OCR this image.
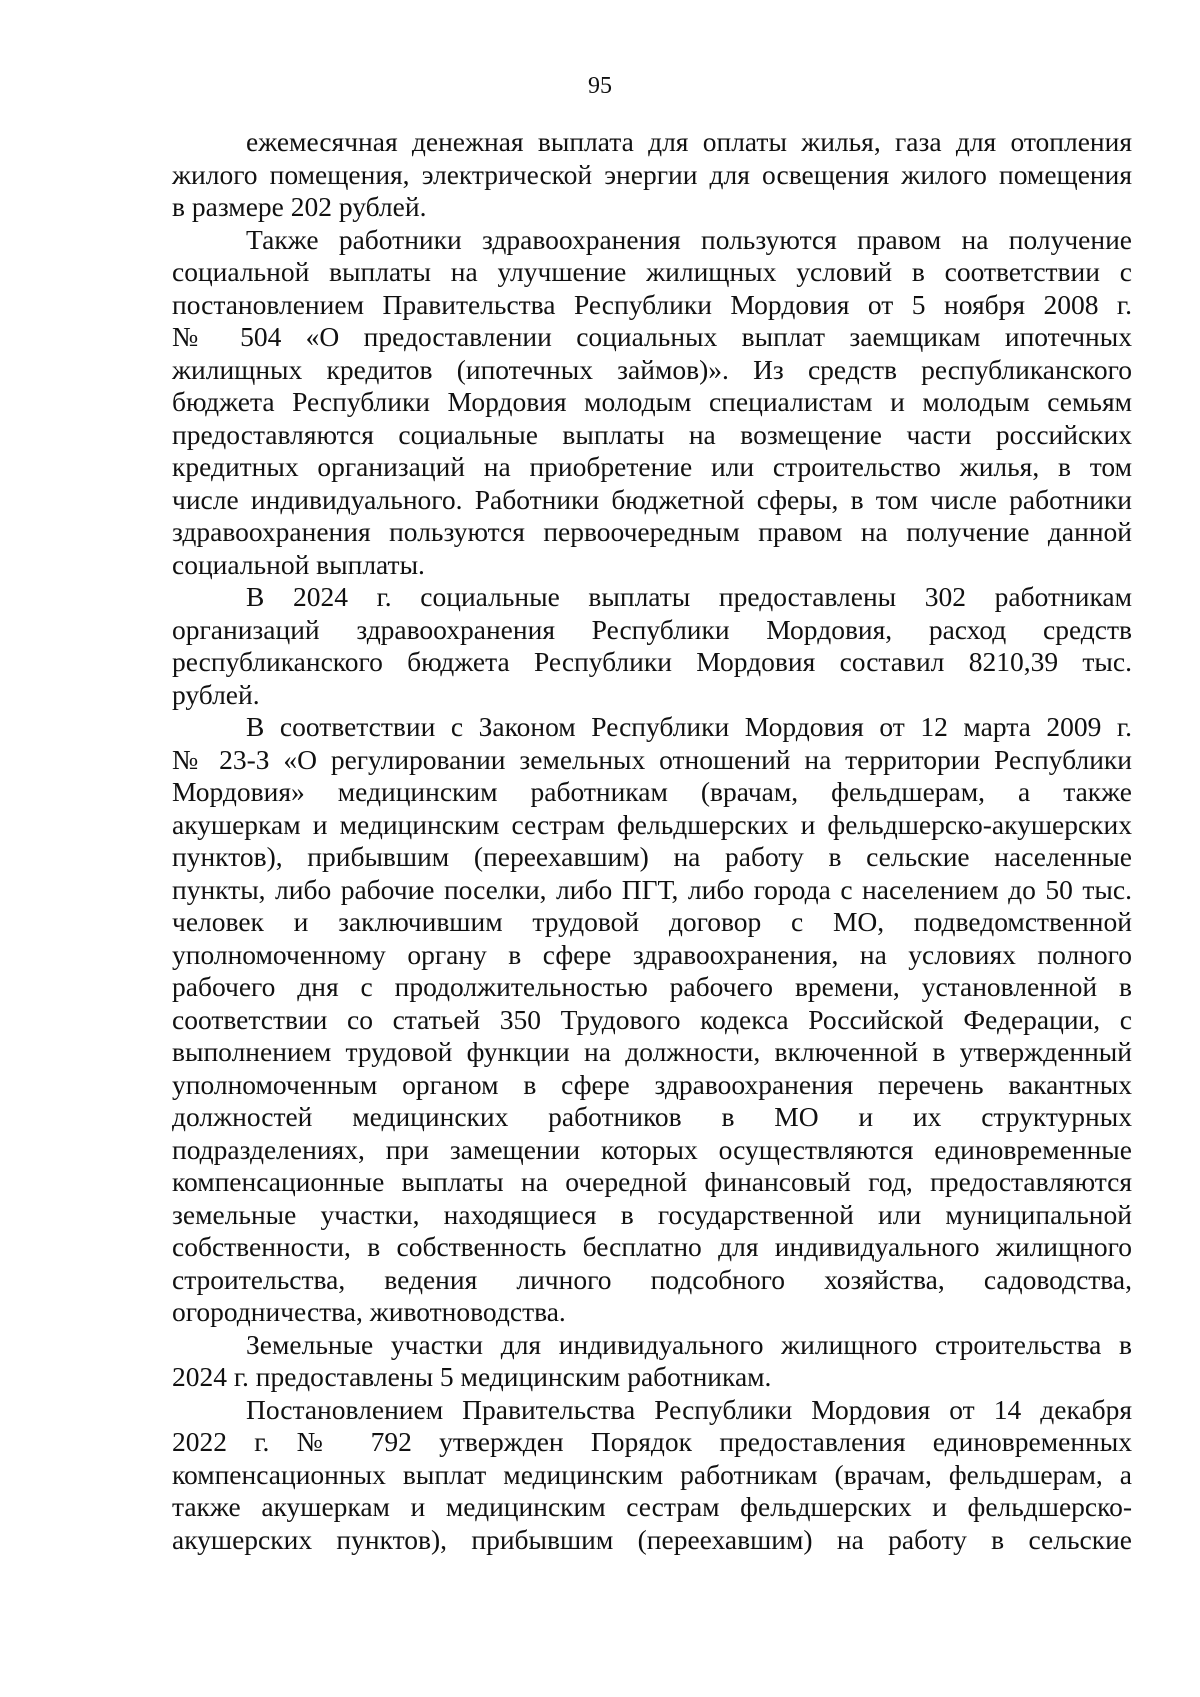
95
ежемесячная денежная выплата для оплаты жилья, газа для отопления
жилого помещения, электрической энергии для освещения жилого помещения
в размере 202 рублей.
Также работники здравоохранения пользуются правом на получение
социальной выплаты на улучшение жилищных условий в соответствии с
постановлением Правительства Республики Мордовия от 5 ноября 2008 г.
№ 504 «О предоставлении социальных выплат заемщикам ипотечных
жилищных кредитов (ипотечных займов)». Из средств республиканского
бюджета Республики Мордовия молодым специалистам и молодым семьям
предоставляются социальные выплаты на возмещение части российских
кредитных организаций на приобретение или строительство жилья, в том
числе индивидуального. Работники бюджетной сферы, в том числе работники
здравоохранения пользуются первоочередным правом на получение данной
социальной выплаты.
В 2024 г. социальные выплаты предоставлены 302 работникам
организаций здравоохранения Республики Мордовия, расход средств
республиканского бюджета Республики Мордовия составил 8210,39 тыс.
рублей.
В соответствии с Законом Республики Мордовия от 12 марта 2009 г.
№ 23-З «О регулировании земельных отношений на территории Республики
Мордовия» медицинским работникам (врачам, фельдшерам, а также
акушеркам и медицинским сестрам фельдшерских и фельдшерско-акушерских
пунктов), прибывшим (переехавшим) на работу в сельские населенные
пункты, либо рабочие поселки, либо ПГТ, либо города с населением до 50 тыс.
человек и заключившим трудовой договор с МО, подведомственной
уполномоченному органу в сфере здравоохранения, на условиях полного
рабочего дня с продолжительностью рабочего времени, установленной в
соответствии со статьей 350 Трудового кодекса Российской Федерации, с
выполнением трудовой функции на должности, включенной в утвержденный
уполномоченным органом в сфере здравоохранения перечень вакантных
должностей медицинских работников в МО и их структурных
подразделениях, при замещении которых осуществляются единовременные
компенсационные выплаты на очередной финансовый год, предоставляются
земельные участки, находящиеся в государственной или муниципальной
собственности, в собственность бесплатно для индивидуального жилищного
строительства, ведения личного подсобного хозяйства, садоводства,
огородничества, животноводства.
Земельные участки для индивидуального жилищного строительства в
2024 г. предоставлены 5 медицинским работникам.
Постановлением Правительства Республики Мордовия от 14 декабря
2022 г. № 792 утвержден Порядок предоставления единовременных
компенсационных выплат медицинским работникам (врачам, фельдшерам, а
также акушеркам и медицинским сестрам фельдшерских и фельдшерско-
акушерских пунктов), прибывшим (переехавшим) на работу в сельские
